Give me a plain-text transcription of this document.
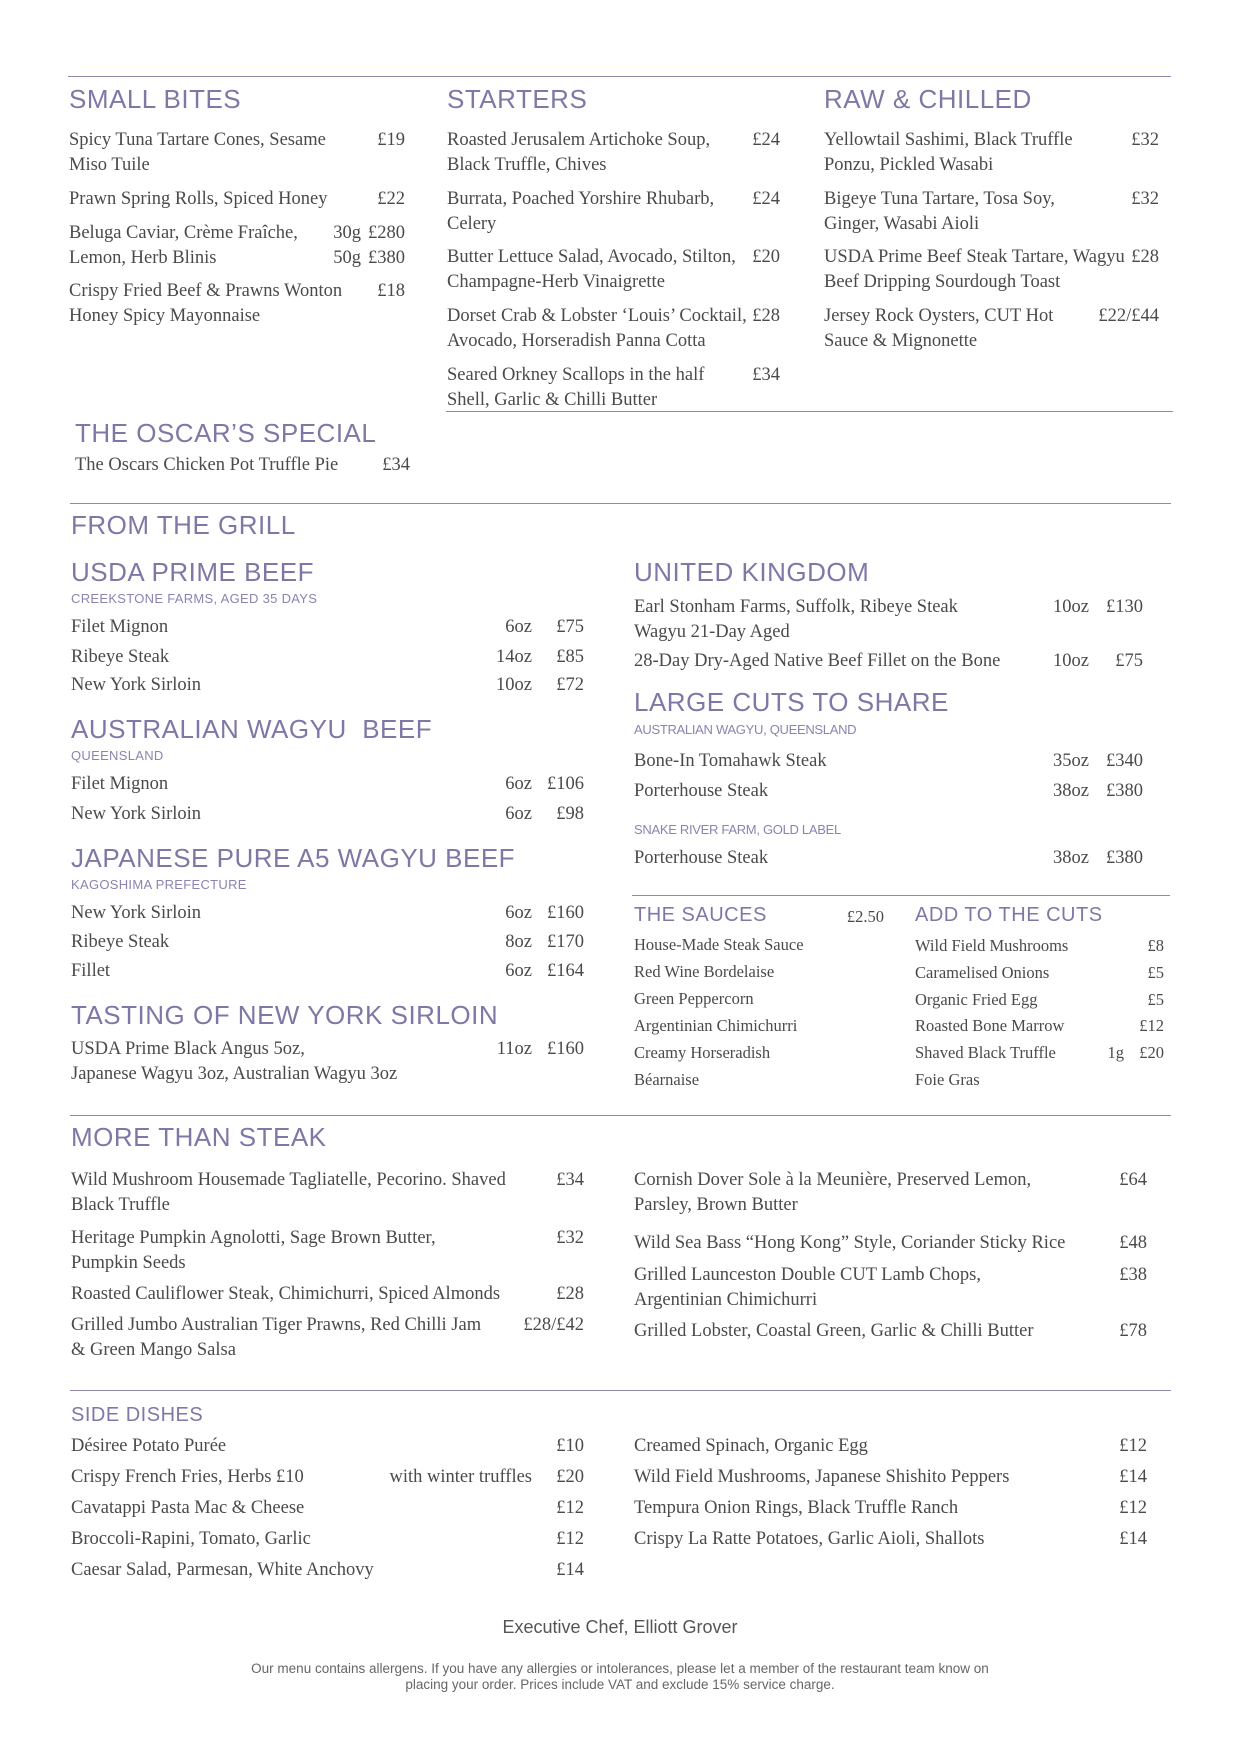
SMALL BITES
Spicy Tuna Tartare Cones, Sesame Miso Tuile
£19
Prawn Spring Rolls, Spiced Honey	£22
Beluga Caviar, Crème Fraîche, 30g £280
Lemon, Herb Blinis	50g £380
Crispy Fried Beef & Prawns Wonton Honey Spicy Mayonnaise
£18
STARTERS
Roasted Jerusalem Artichoke Soup, Black Truffle, Chives
£24
Burrata, Poached Yorshire Rhubarb, Celery
£24
Butter Lettuce Salad, Avocado, Stilton, Champagne-Herb Vinaigrette
£20
Dorset Crab & Lobster ‘Louis’ Cocktail, Avocado, Horseradish Panna Cotta
£28
Seared Orkney Scallops in the half Shell, Garlic & Chilli Butter
£34
RAW & CHILLED
Yellowtail Sashimi, Black Truffle Ponzu, Pickled Wasabi
£32
Bigeye Tuna Tartare, Tosa Soy, Ginger, Wasabi Aioli
£32
USDA Prime Beef Steak Tartare, Wagyu Beef Dripping Sourdough Toast
£28
Jersey Rock Oysters, CUT Hot Sauce & Mignonette
£22/£44
THE OSCAR’S SPECIAL
The Oscars Chicken Pot Truffle Pie £34
FROM THE GRILL
USDA PRIME BEEF
CREEKSTONE FARMS, AGED 35 DAYS
Filet Mignon	6oz £75
Ribeye Steak	14oz £85
New York Sirloin	10oz £72
AUSTRALIAN WAGYU  BEEF
QUEENSLAND
Filet Mignon	6oz £106
New York Sirloin	6oz £98
JAPANESE PURE A5 WAGYU BEEF
KAGOSHIMA PREFECTURE
New York Sirloin	6oz £160
Ribeye Steak	8oz £170
Fillet	6oz £164
TASTING OF NEW YORK SIRLOIN
USDA Prime Black Angus 5oz,	11oz £160
Japanese Wagyu 3oz, Australian Wagyu 3oz
UNITED KINGDOM
Earl Stonham Farms, Suffolk, Ribeye Steak	10oz £130
Wagyu 21-Day Aged
28-Day Dry-Aged Native Beef Fillet on the Bone	10oz £75
LARGE CUTS TO SHARE
AUSTRALIAN WAGYU, QUEENSLAND
Bone-In Tomahawk Steak	35oz £340
Porterhouse Steak	38oz £380
SNAKE RIVER FARM, GOLD LABEL
Porterhouse Steak	38oz £380
THE SAUCES	£2.50
House-Made Steak Sauce
Red Wine Bordelaise
Green Peppercorn
Argentinian Chimichurri
Creamy Horseradish
Béarnaise
ADD TO THE CUTS
Wild Field Mushrooms	£8
Caramelised Onions	£5
Organic Fried Egg	£5
Roasted Bone Marrow	£12
Shaved Black Truffle	1g £20
Foie Gras
MORE THAN STEAK
Wild Mushroom Housemade Tagliatelle, Pecorino. Shaved Black Truffle
£34
Heritage Pumpkin Agnolotti, Sage Brown Butter, Pumpkin Seeds
£32
Roasted Cauliflower Steak, Chimichurri, Spiced Almonds	£28
Grilled Jumbo Australian Tiger Prawns, Red Chilli Jam & Green Mango Salsa
£28/£42
Cornish Dover Sole à la Meunière, Preserved Lemon, Parsley, Brown Butter
£64
Wild Sea Bass “Hong Kong” Style, Coriander Sticky Rice	£48
Grilled Launceston Double CUT Lamb Chops, Argentinian Chimichurri
£38
Grilled Lobster, Coastal Green, Garlic & Chilli Butter	£78
SIDE DISHES
Désiree Potato Purée	£10
Crispy French Fries, Herbs £10	with winter truffles £20
Cavatappi Pasta Mac & Cheese	£12
Broccoli-Rapini, Tomato, Garlic	£12
Caesar Salad, Parmesan, White Anchovy	£14
Creamed Spinach, Organic Egg	£12
Wild Field Mushrooms, Japanese Shishito Peppers	£14
Tempura Onion Rings, Black Truffle Ranch	£12
Crispy La Ratte Potatoes, Garlic Aioli, Shallots	£14
Executive Chef, Elliott Grover
Our menu contains allergens. If you have any allergies or intolerances, please let a member of the restaurant team know on placing your order. Prices include VAT and exclude 15% service charge.
